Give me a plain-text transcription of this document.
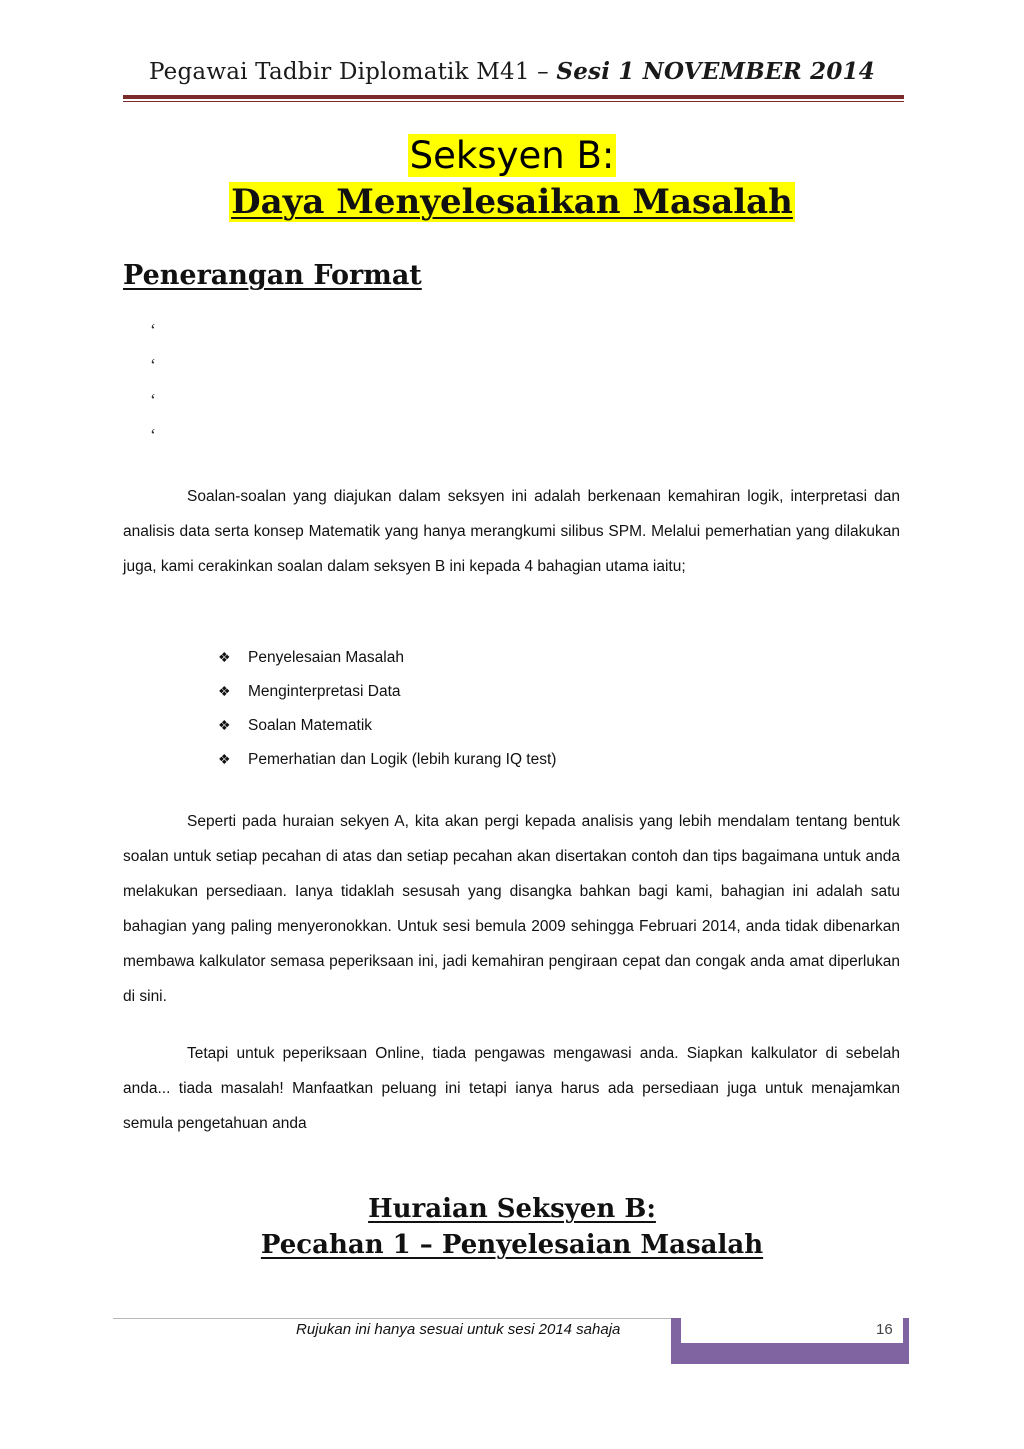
Pegawai Tadbir Diplomatik M41 – Sesi 1 NOVEMBER 2014
Seksyen B:
Daya Menyelesaikan Masalah
Penerangan Format
‘
‘
‘
‘

Soalan-soalan yang diajukan dalam seksyen ini adalah berkenaan kemahiran logik, interpretasi dan analisis data serta konsep Matematik yang hanya merangkumi silibus SPM. Melalui pemerhatian yang dilakukan juga, kami cerakinkan soalan dalam seksyen B ini kepada 4 bahagian utama iaitu;

❖ Penyelesaian Masalah
❖ Menginterpretasi Data
❖ Soalan Matematik
❖ Pemerhatian dan Logik (lebih kurang IQ test)

Seperti pada huraian sekyen A, kita akan pergi kepada analisis yang lebih mendalam tentang bentuk soalan untuk setiap pecahan di atas dan setiap pecahan akan disertakan contoh dan tips bagaimana untuk anda melakukan persediaan. Ianya tidaklah sesusah yang disangka bahkan bagi kami, bahagian ini adalah satu bahagian yang paling menyeronokkan. Untuk sesi bemula 2009 sehingga Februari 2014, anda tidak dibenarkan membawa kalkulator semasa peperiksaan ini, jadi kemahiran pengiraan cepat dan congak anda amat diperlukan di sini.

Tetapi untuk peperiksaan Online, tiada pengawas mengawasi anda. Siapkan kalkulator di sebelah anda... tiada masalah! Manfaatkan peluang ini tetapi ianya harus ada persediaan juga untuk menajamkan semula pengetahuan anda

Huraian Seksyen B:
Pecahan 1 – Penyelesaian Masalah
Rujukan ini hanya sesuai untuk sesi 2014 sahaja	16
